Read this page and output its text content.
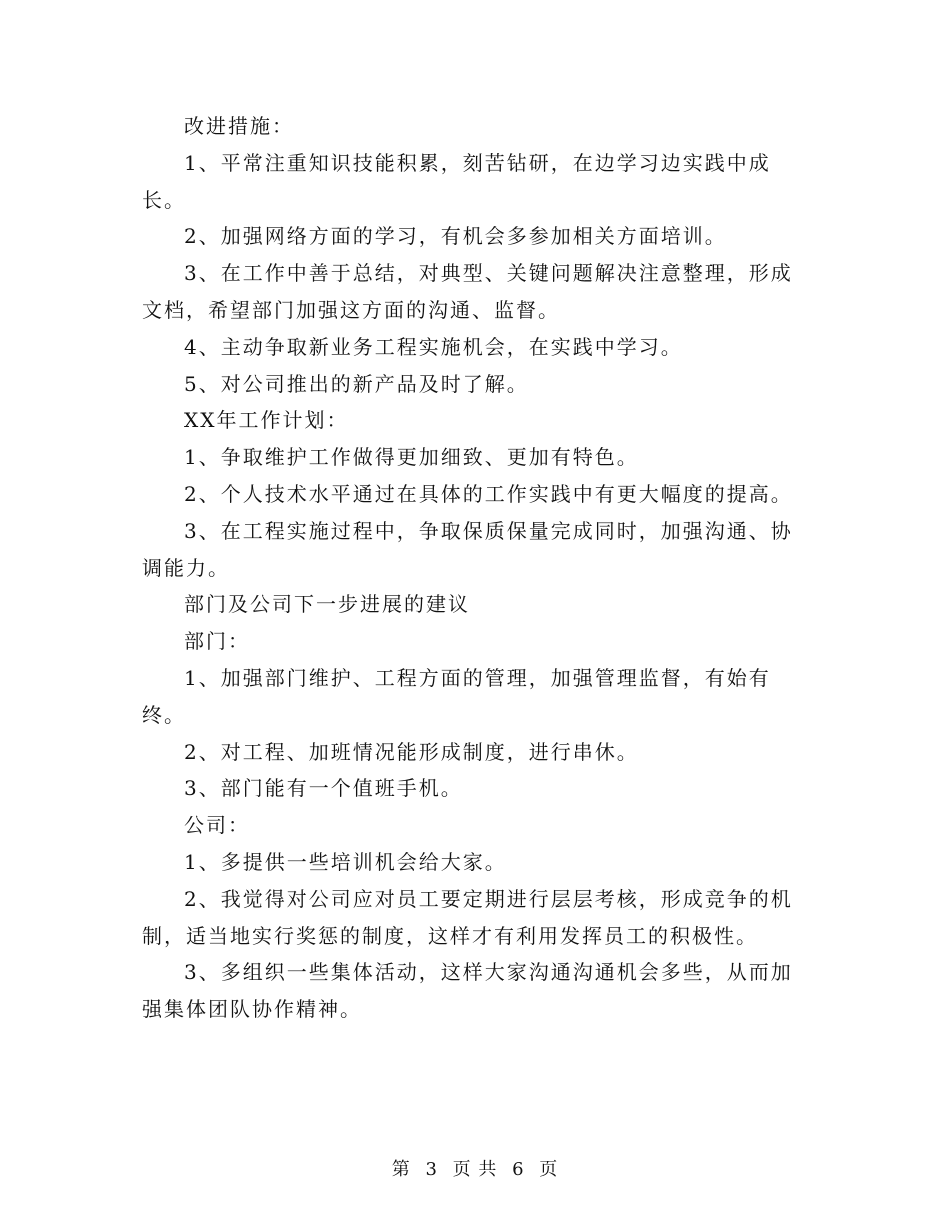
改进措施：

1、平常注重知识技能积累，刻苦钻研，在边学习边实践中成长。

2、加强网络方面的学习，有机会多参加相关方面培训。

3、在工作中善于总结，对典型、关键问题解决注意整理，形成文档，希望部门加强这方面的沟通、监督。

4、主动争取新业务工程实施机会，在实践中学习。

5、对公司推出的新产品及时了解。

XX年工作计划：

1、争取维护工作做得更加细致、更加有特色。

2、个人技术水平通过在具体的工作实践中有更大幅度的提高。

3、在工程实施过程中，争取保质保量完成同时，加强沟通、协调能力。

部门及公司下一步进展的建议

部门：

1、加强部门维护、工程方面的管理，加强管理监督，有始有终。

2、对工程、加班情况能形成制度，进行串休。

3、部门能有一个值班手机。

公司：

1、多提供一些培训机会给大家。

2、我觉得对公司应对员工要定期进行层层考核，形成竞争的机制，适当地实行奖惩的制度，这样才有利用发挥员工的积极性。

3、多组织一些集体活动，这样大家沟通沟通机会多些，从而加强集体团队协作精神。

第 3 页 共 6 页
